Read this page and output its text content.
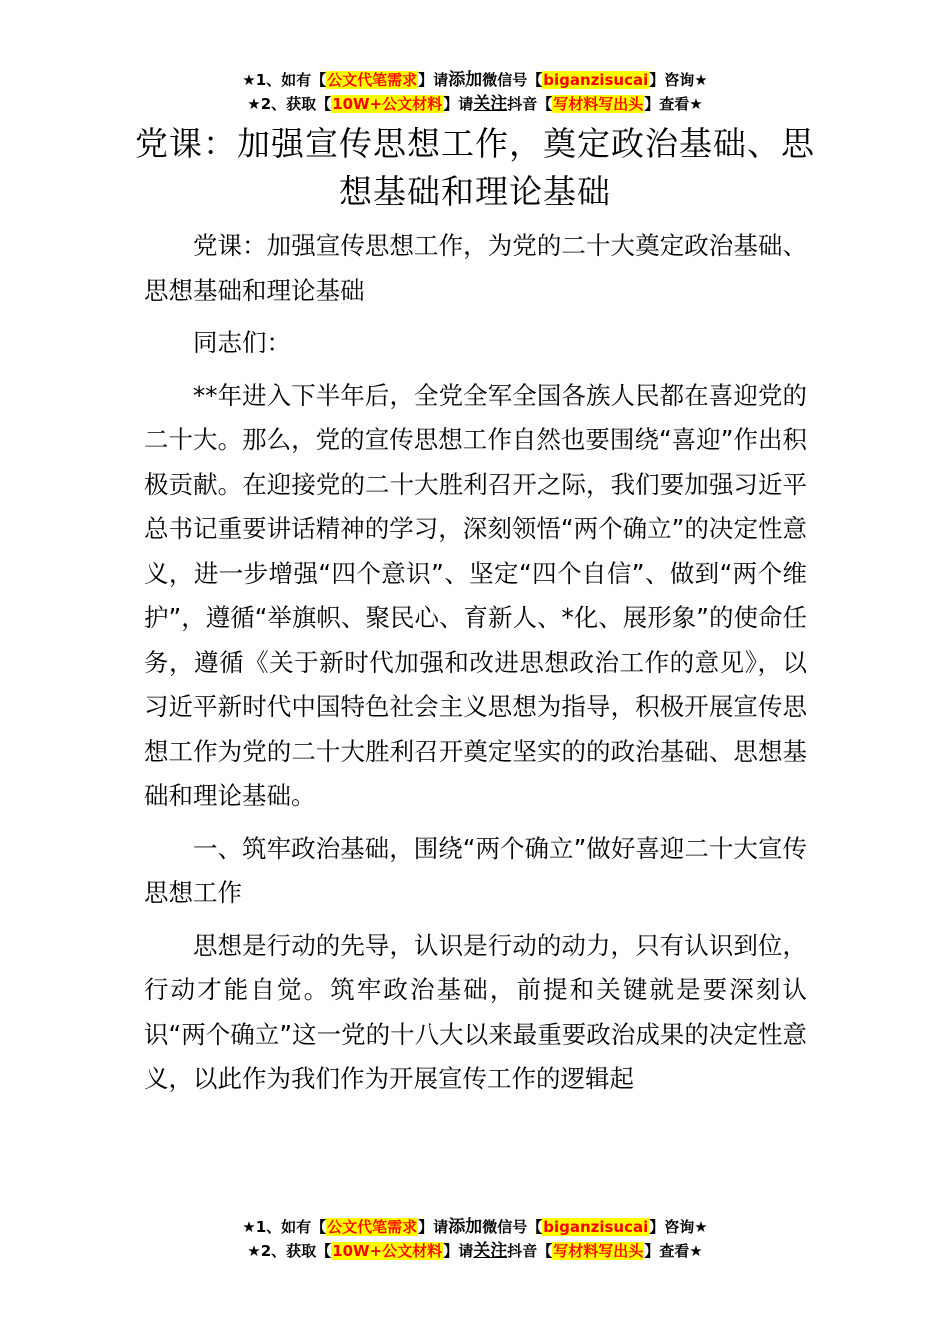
★1、如有【公文代笔需求】请添加微信号【biganzisucai】咨询★
★2、获取【10W+公文材料】请关注抖音【写材料写出头】查看★
党课：加强宣传思想工作，奠定政治基础、思想基础和理论基础

党课：加强宣传思想工作，为党的二十大奠定政治基础、思想基础和理论基础

同志们：

**年进入下半年后，全党全军全国各族人民都在喜迎党的二十大。那么，党的宣传思想工作自然也要围绕“喜迎”作出积极贡献。在迎接党的二十大胜利召开之际，我们要加强习近平总书记重要讲话精神的学习，深刻领悟“两个确立”的决定性意义，进一步增强“四个意识”、坚定“四个自信”、做到“两个维护”，遵循“举旗帜、聚民心、育新人、*化、展形象”的使命任务，遵循《关于新时代加强和改进思想政治工作的意见》，以习近平新时代中国特色社会主义思想为指导，积极开展宣传思想工作为党的二十大胜利召开奠定坚实的的政治基础、思想基础和理论基础。

一、筑牢政治基础，围绕“两个确立”做好喜迎二十大宣传思想工作

思想是行动的先导，认识是行动的动力，只有认识到位，行动才能自觉。筑牢政治基础，前提和关键就是要深刻认识“两个确立”这一党的十八大以来最重要政治成果的决定性意义，以此作为我们作为开展宣传工作的逻辑起

★1、如有【公文代笔需求】请添加微信号【biganzisucai】咨询★
★2、获取【10W+公文材料】请关注抖音【写材料写出头】查看★
